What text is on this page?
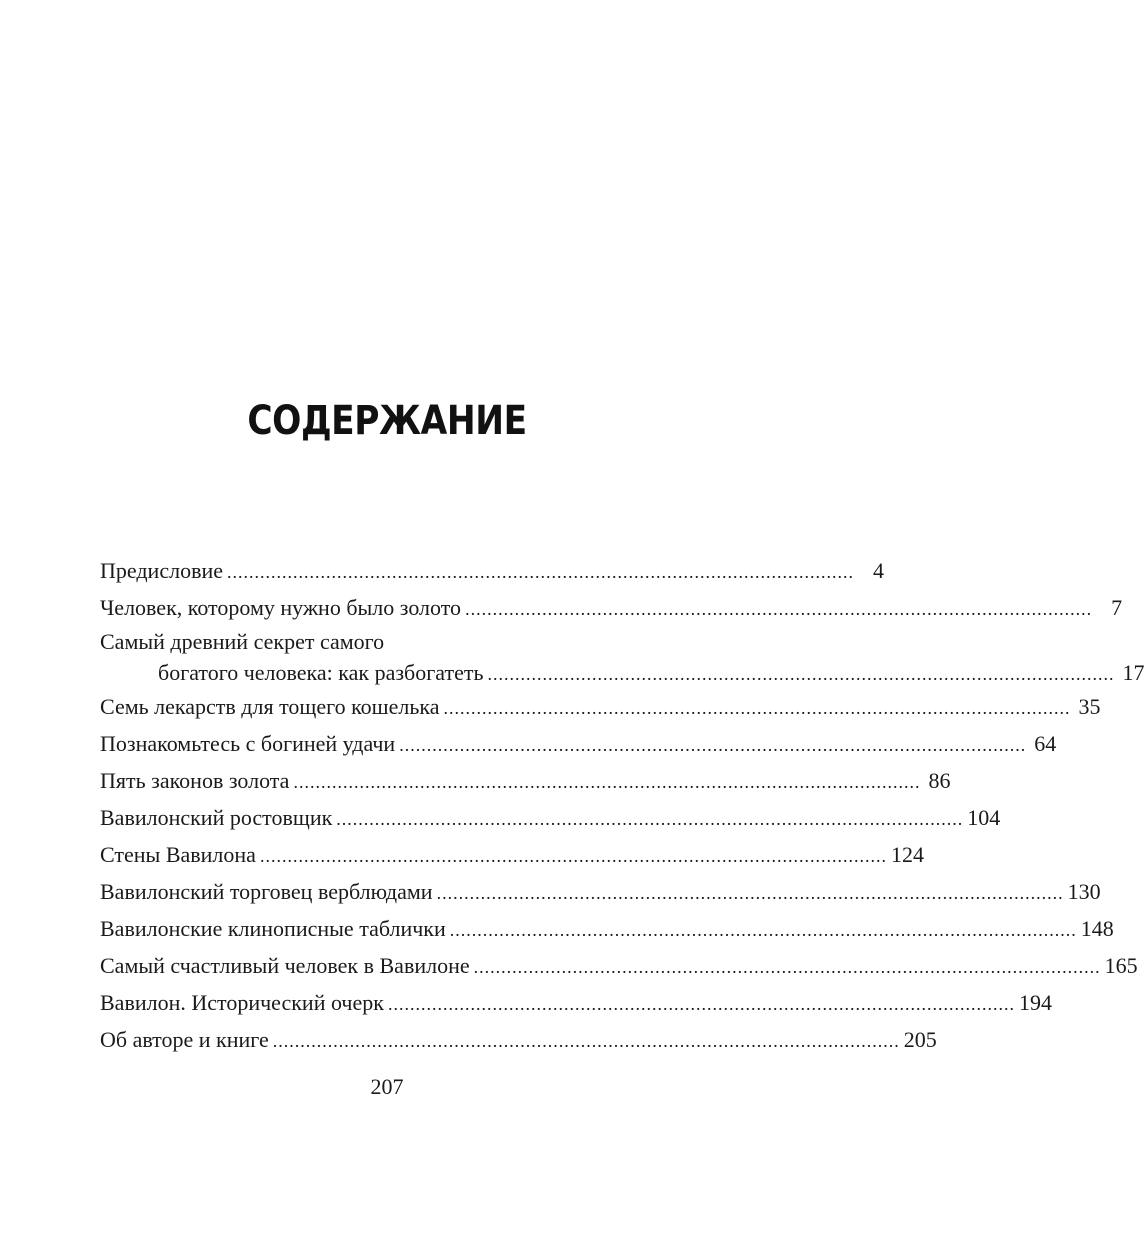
СОДЕРЖАНИЕ
Предисловие .................................................................................................................. 4
Человек, которому нужно было золото .................................................................................................................. 7
Самый древний секрет самого
богатого человека: как разбогатеть .................................................................................................................. 17
Семь лекарств для тощего кошелька .................................................................................................................. 35
Познакомьтесь с богиней удачи .................................................................................................................. 64
Пять законов золота .................................................................................................................. 86
Вавилонский ростовщик .................................................................................................................. 104
Стены Вавилона .................................................................................................................. 124
Вавилонский торговец верблюдами .................................................................................................................. 130
Вавилонские клинописные таблички .................................................................................................................. 148
Самый счастливый человек в Вавилоне .................................................................................................................. 165
Вавилон. Исторический очерк .................................................................................................................. 194
Об авторе и книге .................................................................................................................. 205
207
